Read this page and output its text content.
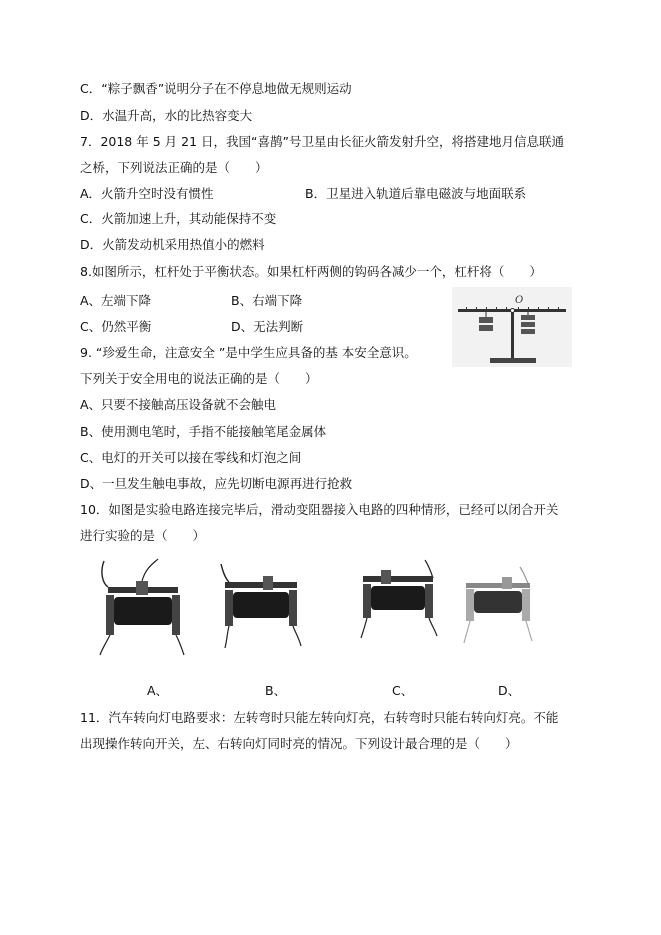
C．“粽子飘香”说明分子在不停息地做无规则运动
D．水温升高，水的比热容变大
7．2018 年 5 月 21 日，我国“喜鹊”号卫星由长征火箭发射升空，将搭建地月信息联通
之桥，下列说法正确的是（　　）
A．火箭升空时没有惯性	B．卫星进入轨道后靠电磁波与地面联系
C．火箭加速上升，其动能保持不变
D．火箭发动机采用热值小的燃料
8.如图所示，杠杆处于平衡状态。如果杠杆两侧的钩码各减少一个，杠杆将（　　）
A、左端下降	B、右端下降
C、仍然平衡	D、无法判断
O
9. “珍爱生命，注意安全 ”是中学生应具备的基 本安全意识。
下列关于安全用电的说法正确的是（　　）
A、只要不接触高压设备就不会触电
B、使用测电笔时，手指不能接触笔尾金属体
C、电灯的开关可以接在零线和灯泡之间
D、一旦发生触电事故，应先切断电源再进行抢救
10．如图是实验电路连接完毕后，滑动变阻器接入电路的四种情形，已经可以闭合开关
进行实验的是（　　）
A、	B、	C、	D、
11．汽车转向灯电路要求：左转弯时只能左转向灯亮，右转弯时只能右转向灯亮。不能
出现操作转向开关，左、右转向灯同时亮的情况。下列设计最合理的是（　　）
